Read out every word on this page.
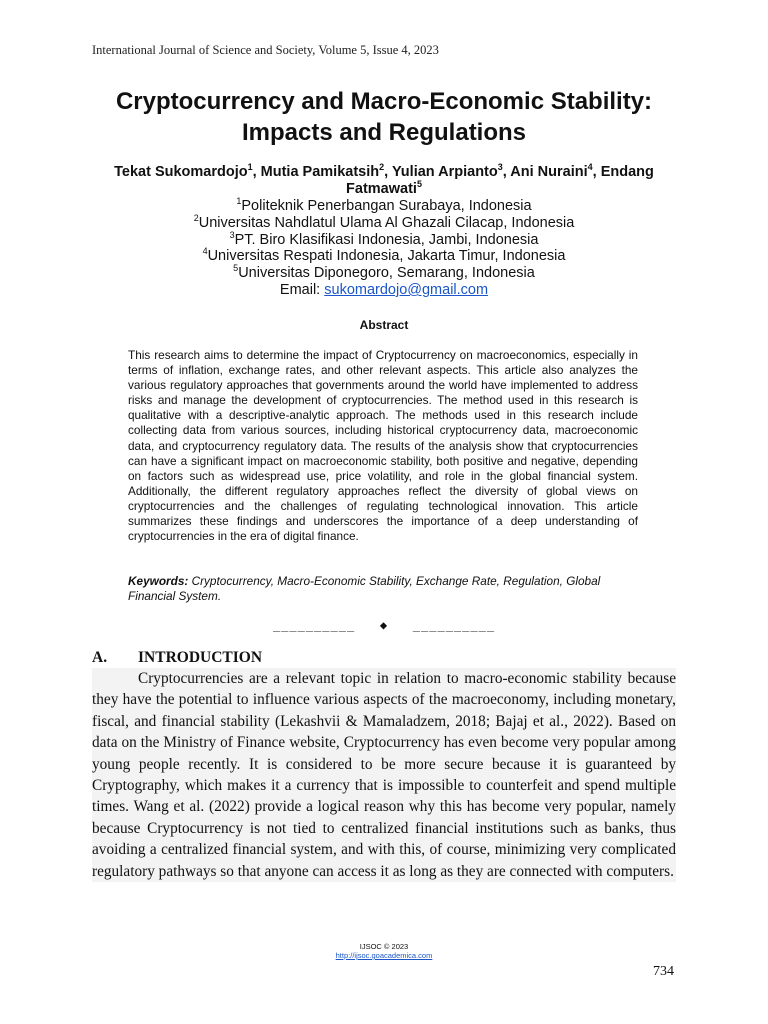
International Journal of Science and Society, Volume 5, Issue 4, 2023
Cryptocurrency and Macro-Economic Stability:
Impacts and Regulations
Tekat Sukomardojo$^1$, Mutia Pamikatsih$^2$, Yulian Arpianto$^3$, Ani Nuraini$^4$, Endang Fatmawati$^5$
$^1$Politeknik Penerbangan Surabaya, Indonesia
$^2$Universitas Nahdlatul Ulama Al Ghazali Cilacap, Indonesia
$^3$PT. Biro Klasifikasi Indonesia, Jambi, Indonesia
$^4$Universitas Respati Indonesia, Jakarta Timur, Indonesia
$^5$Universitas Diponegoro, Semarang, Indonesia
Email: sukomardojo@gmail.com
Abstract

This research aims to determine the impact of Cryptocurrency on macroeconomics, especially in terms of inflation, exchange rates, and other relevant aspects. This article also analyzes the various regulatory approaches that governments around the world have implemented to address risks and manage the development of cryptocurrencies. The method used in this research is qualitative with a descriptive-analytic approach. The methods used in this research include collecting data from various sources, including historical cryptocurrency data, macroeconomic data, and cryptocurrency regulatory data. The results of the analysis show that cryptocurrencies can have a significant impact on macroeconomic stability, both positive and negative, depending on factors such as widespread use, price volatility, and role in the global financial system. Additionally, the different regulatory approaches reflect the diversity of global views on cryptocurrencies and the challenges of regulating technological innovation. This article summarizes these findings and underscores the importance of a deep understanding of cryptocurrencies in the era of digital finance.

Keywords: Cryptocurrency, Macro-Economic Stability, Exchange Rate, Regulation, Global Financial System.

__________ ◆ __________
A. INTRODUCTION

Cryptocurrencies are a relevant topic in relation to macro-economic stability because they have the potential to influence various aspects of the macroeconomy, including monetary, fiscal, and financial stability (Lekashvii & Mamaladzem, 2018; Bajaj et al., 2022). Based on data on the Ministry of Finance website, Cryptocurrency has even become very popular among young people recently. It is considered to be more secure because it is guaranteed by Cryptography, which makes it a currency that is impossible to counterfeit and spend multiple times. Wang et al. (2022) provide a logical reason why this has become very popular, namely because Cryptocurrency is not tied to centralized financial institutions such as banks, thus avoiding a centralized financial system, and with this, of course, minimizing very complicated regulatory pathways so that anyone can access it as long as they are connected with computers.

IJSOC © 2023
http://ijsoc.goacademica.com
734
